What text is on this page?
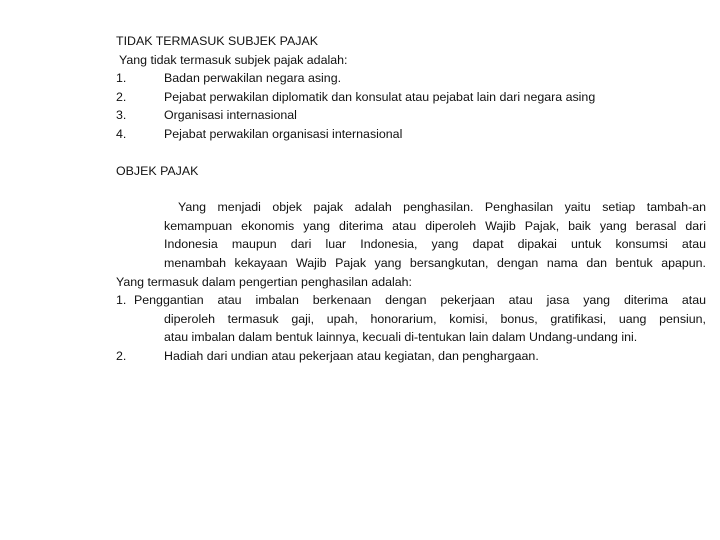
TIDAK TERMASUK SUBJEK PAJAK
Yang tidak termasuk subjek pajak adalah:
1.	Badan perwakilan negara asing.
2.	Pejabat perwakilan diplomatik dan konsulat atau pejabat lain dari negara asing
3.	Organisasi internasional
4.	Pejabat perwakilan organisasi internasional
OBJEK PAJAK
Yang menjadi objek pajak adalah penghasilan. Penghasilan yaitu setiap tambah-an
kemampuan ekonomis yang diterima atau diperoleh Wajib Pajak, baik yang berasal dari
Indonesia maupun dari luar Indonesia, yang dapat dipakai untuk konsumsi atau
menambah kekayaan Wajib Pajak yang bersangkutan, dengan nama dan bentuk apapun.
Yang termasuk dalam pengertian penghasilan adalah:
1. Penggantian atau imbalan berkenaan dengan pekerjaan atau jasa yang diterima atau
diperoleh termasuk gaji, upah, honorarium, komisi, bonus, gratifikasi, uang pensiun,
atau imbalan dalam bentuk lainnya, kecuali di-tentukan lain dalam Undang-undang ini.
2.	Hadiah dari undian atau pekerjaan atau kegiatan, dan penghargaan.
